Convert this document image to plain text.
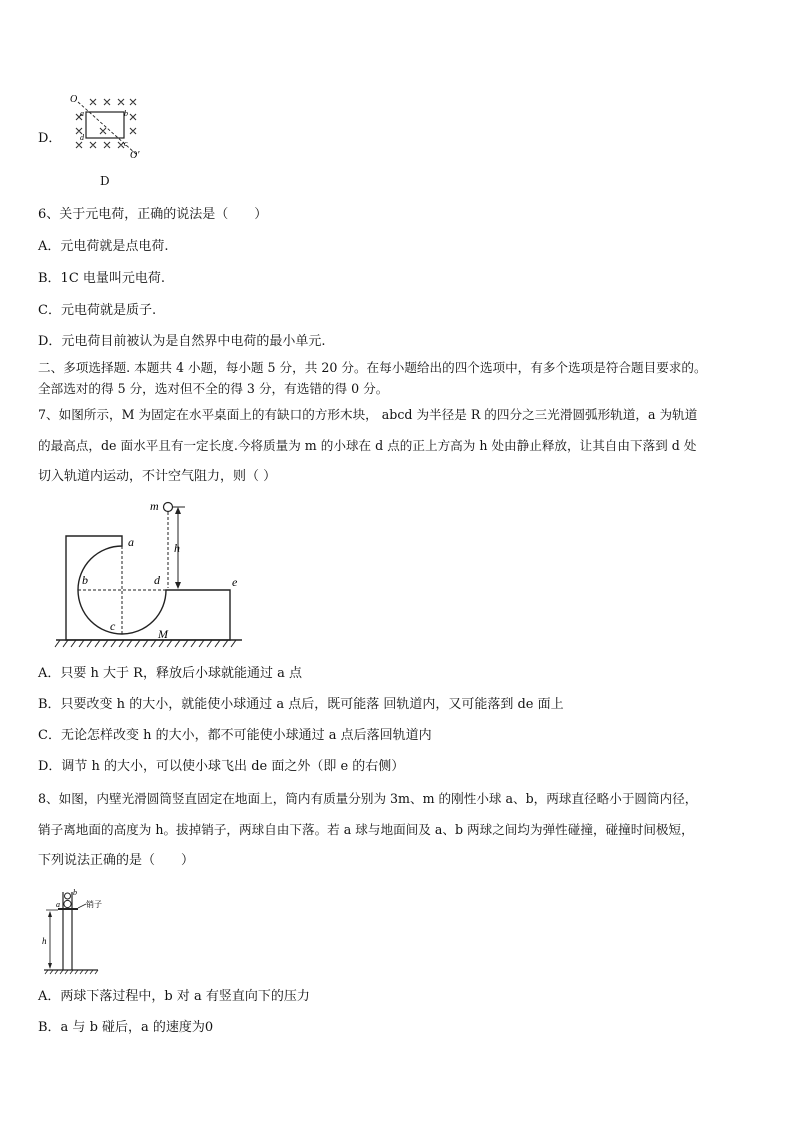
D．
O
a	b
d
c
O′
D
6、关于元电荷，正确的说法是（　　）
A．元电荷就是点电荷.
B．1C 电量叫元电荷.
C．元电荷就是质子.
D．元电荷目前被认为是自然界中电荷的最小单元.
二、多项选择题. 本题共 4 小题，每小题 5 分，共 20 分。在每小题给出的四个选项中，有多个选项是符合题目要求的。
全部选对的得 5 分，选对但不全的得 3 分，有选错的得 0 分。
7、如图所示，M 为固定在水平桌面上的有缺口的方形木块， abcd 为半径是 R 的四分之三光滑圆弧形轨道，a 为轨道
的最高点，de 面水平且有一定长度.今将质量为 m 的小球在 d 点的正上方高为 h 处由静止释放，让其自由下落到 d 处
切入轨道内运动，不计空气阻力，则（ ）
m
h
a
b
c
d	e
M
A．只要 h 大于 R，释放后小球就能通过 a 点
B．只要改变 h 的大小，就能使小球通过 a 点后，既可能落 回轨道内，又可能落到 de 面上
C．无论怎样改变 h 的大小，都不可能使小球通过 a 点后落回轨道内
D．调节 h 的大小，可以使小球飞出 de 面之外（即 e 的右侧）
8、如图，内壁光滑圆筒竖直固定在地面上，筒内有质量分别为 3m、m 的刚性小球 a、b，两球直径略小于圆筒内径，
销子离地面的高度为 h。拔掉销子，两球自由下落。若 a 球与地面间及 a、b 两球之间均为弹性碰撞，碰撞时间极短，
下列说法正确的是（　　）
a
b
h
销子
A．两球下落过程中，b 对 a 有竖直向下的压力
B．a 与 b 碰后，a 的速度为0
